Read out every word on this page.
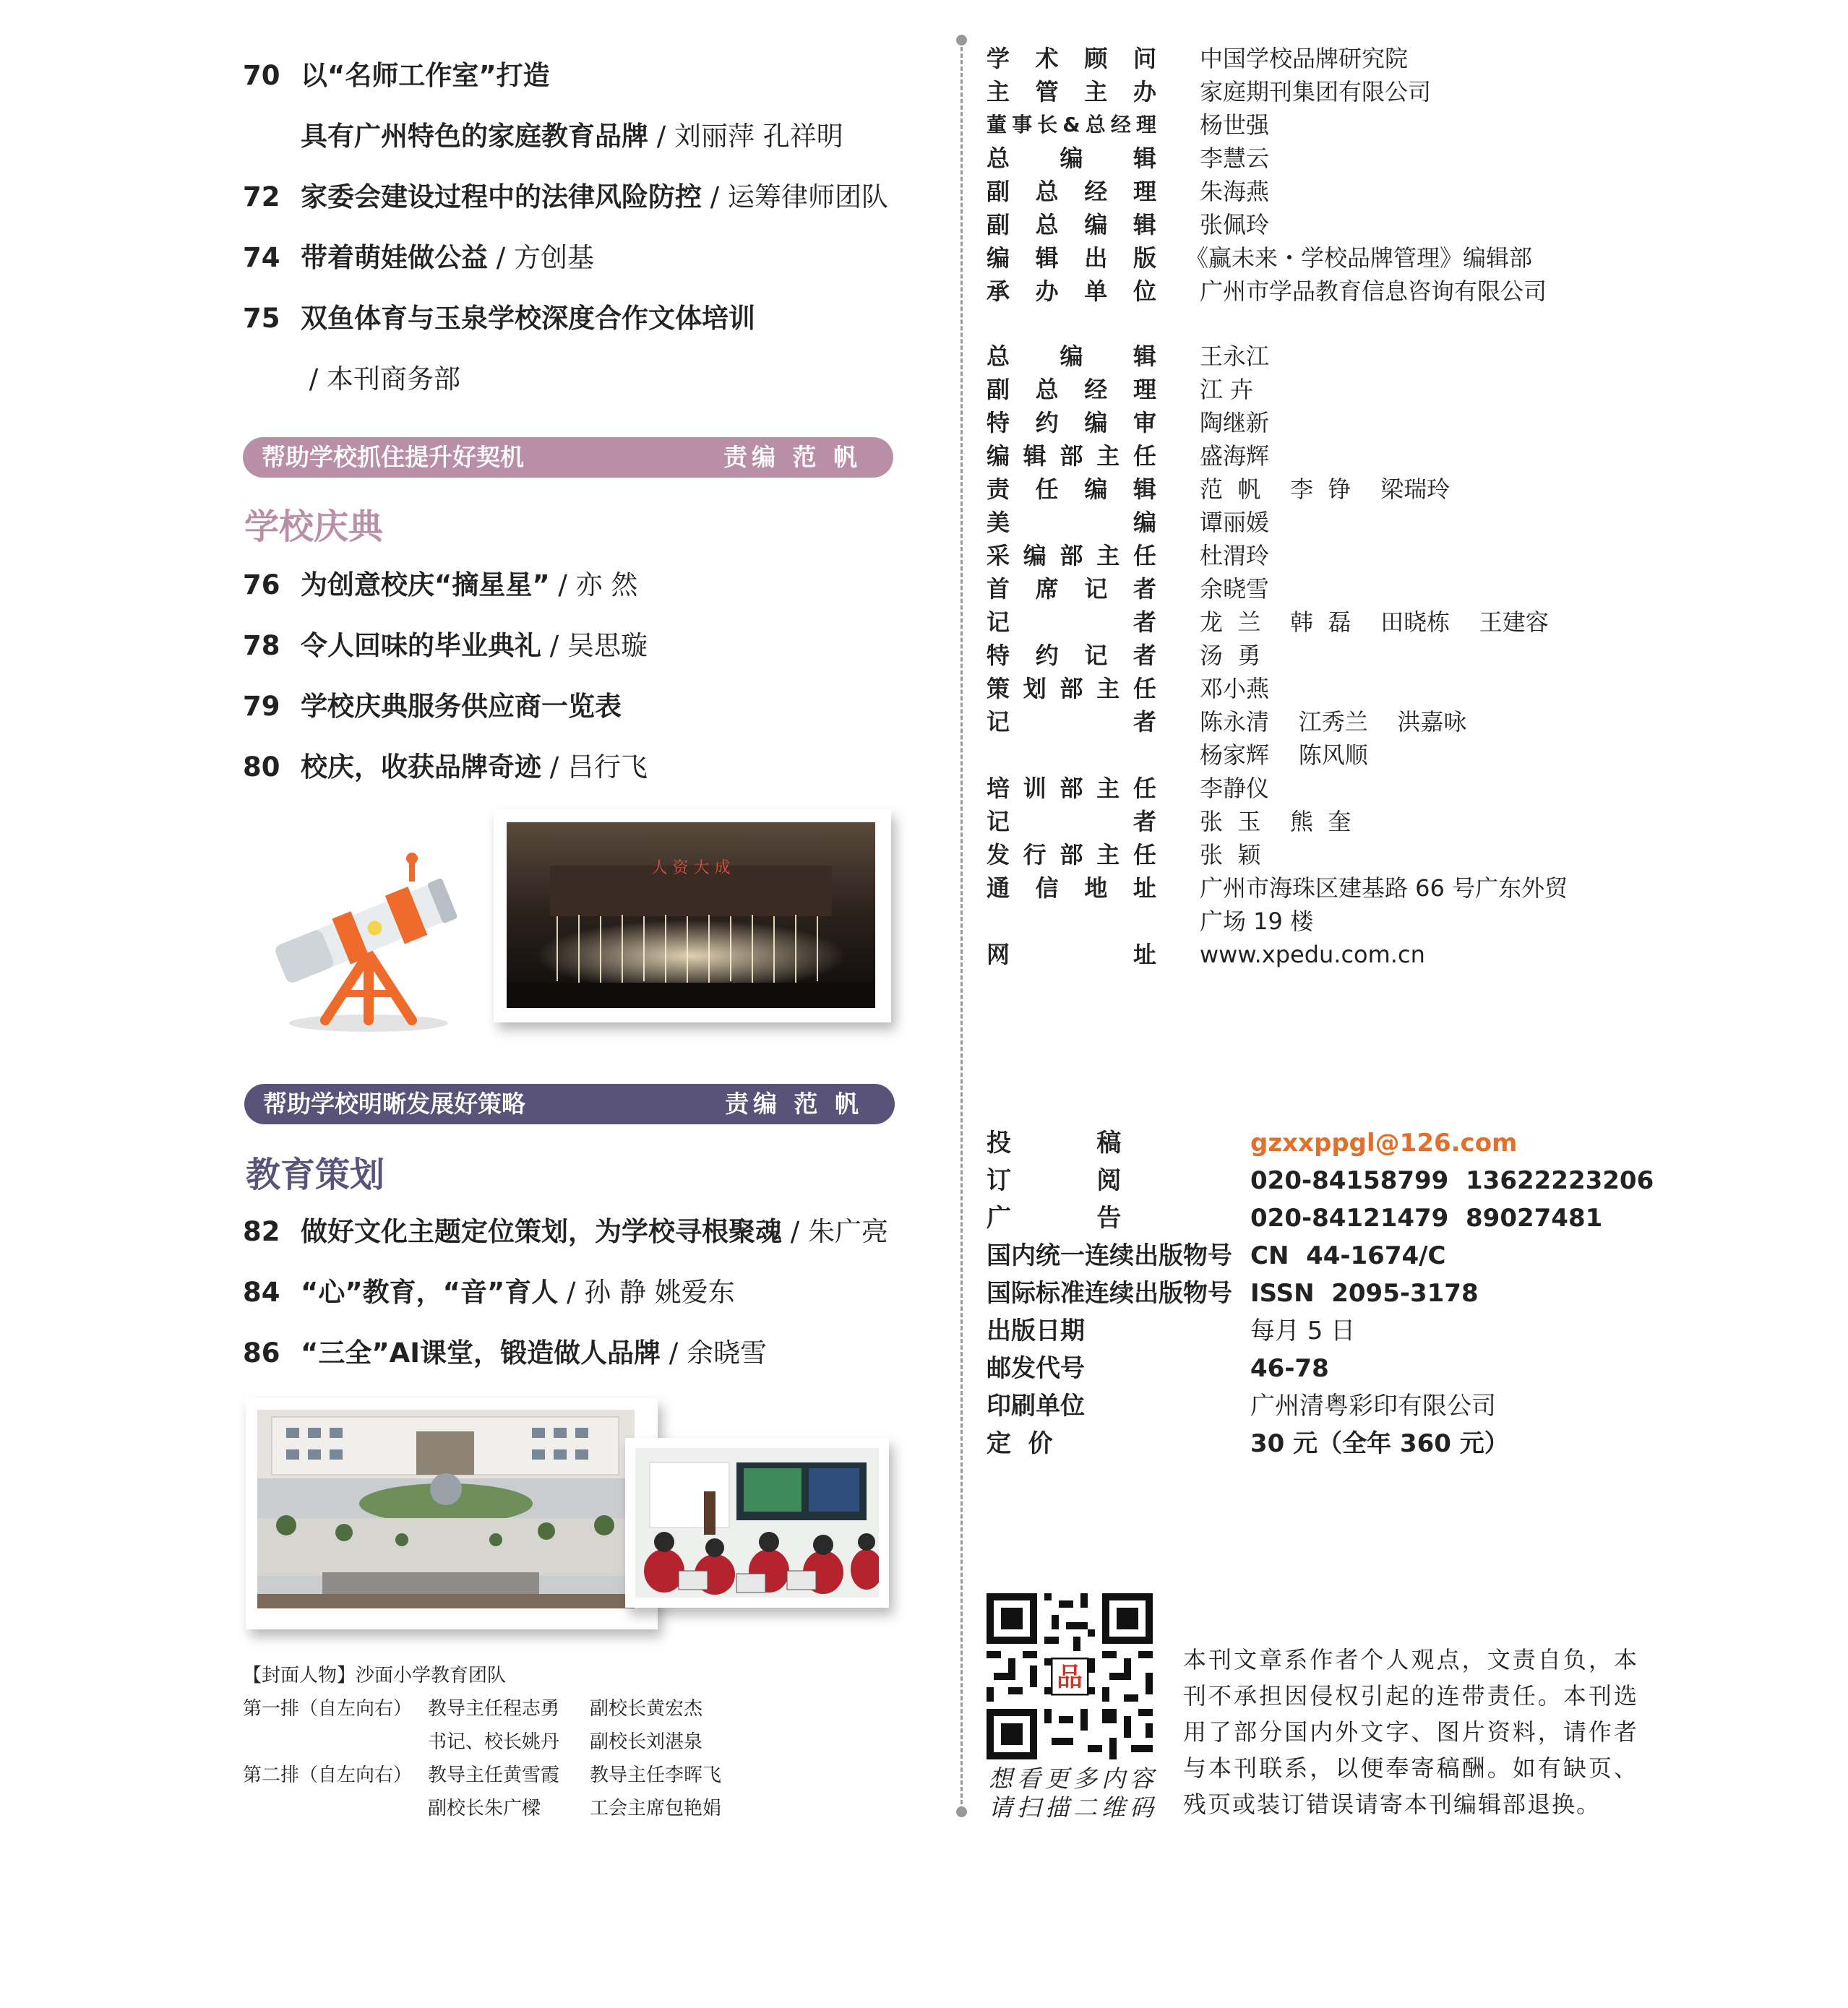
70 以“名师工作室”打造
具有广州特色的家庭教育品牌 / 刘丽萍 孔祥明
72 家委会建设过程中的法律风险防控 / 运筹律师团队
74 带着萌娃做公益 / 方创基
75 双鱼体育与玉泉学校深度合作文体培训
/ 本刊商务部
帮助学校抓住提升好契机	责编 范 帆
学校庆典
76 为创意校庆“摘星星” / 亦 然
78 令人回味的毕业典礼 / 吴思璇
79 学校庆典服务供应商一览表
80 校庆，收获品牌奇迹 / 吕行飞
人 资 大 成
帮助学校明晰发展好策略	责编 范 帆
教育策划
82 做好文化主题定位策划，为学校寻根聚魂 / 朱广亮
84 “心”教育，“音”育人 / 孙 静 姚爱东
86 “三全”AI课堂，锻造做人品牌 / 余晓雪
【封面人物】沙面小学教育团队
第一排（自左向右） 教导主任程志勇	副校长黄宏杰
书记、校长姚丹	副校长刘湛泉
第二排（自左向右） 教导主任黄雪霞	教导主任李晖飞
副校长朱广樑	工会主席包艳娟
学术顾问 中国学校品牌研究院
主管主办 家庭期刊集团有限公司
董事长&总经理 杨世强
总编辑 李慧云
副总经理 朱海燕
副总编辑 张佩玲
编辑出版 《赢未来・学校品牌管理》编辑部
承办单位 广州市学品教育信息咨询有限公司
总编辑 王永江
副总经理 江 卉
特约编审 陶继新
编辑部主任 盛海辉
责任编辑 范  帆    李  铮    梁瑞玲
美编 谭丽媛
采编部主任 杜渭玲
首席记者 余晓雪
记者 龙  兰    韩  磊    田晓栋    王建容
特约记者 汤  勇
策划部主任 邓小燕
记者 陈永清    江秀兰    洪嘉咏
杨家辉    陈风顺
培训部主任 李静仪
记者 张  玉    熊  奎
发行部主任 张  颖
通信地址 广州市海珠区建基路 66 号广东外贸
广场 19 楼
网址 www.xpedu.com.cn
投          稿	gzxxppgl@126.com
订          阅	020-84158799  13622223206
广          告	020-84121479  89027481
国内统一连续出版物号 CN  44-1674/C
国际标准连续出版物号 ISSN  2095-3178
出版日期	每月 5 日
邮发代号	46-78
印刷单位	广州清粤彩印有限公司
定  价	30 元（全年 360 元）
品
想看更多内容
请扫描二维码
本刊文章系作者个人观点，文责自负，本刊不承担因侵权引起的连带责任。本刊选用了部分国内外文字、图片资料，请作者与本刊联系，以便奉寄稿酬。如有缺页、残页或装订错误请寄本刊编辑部退换。
